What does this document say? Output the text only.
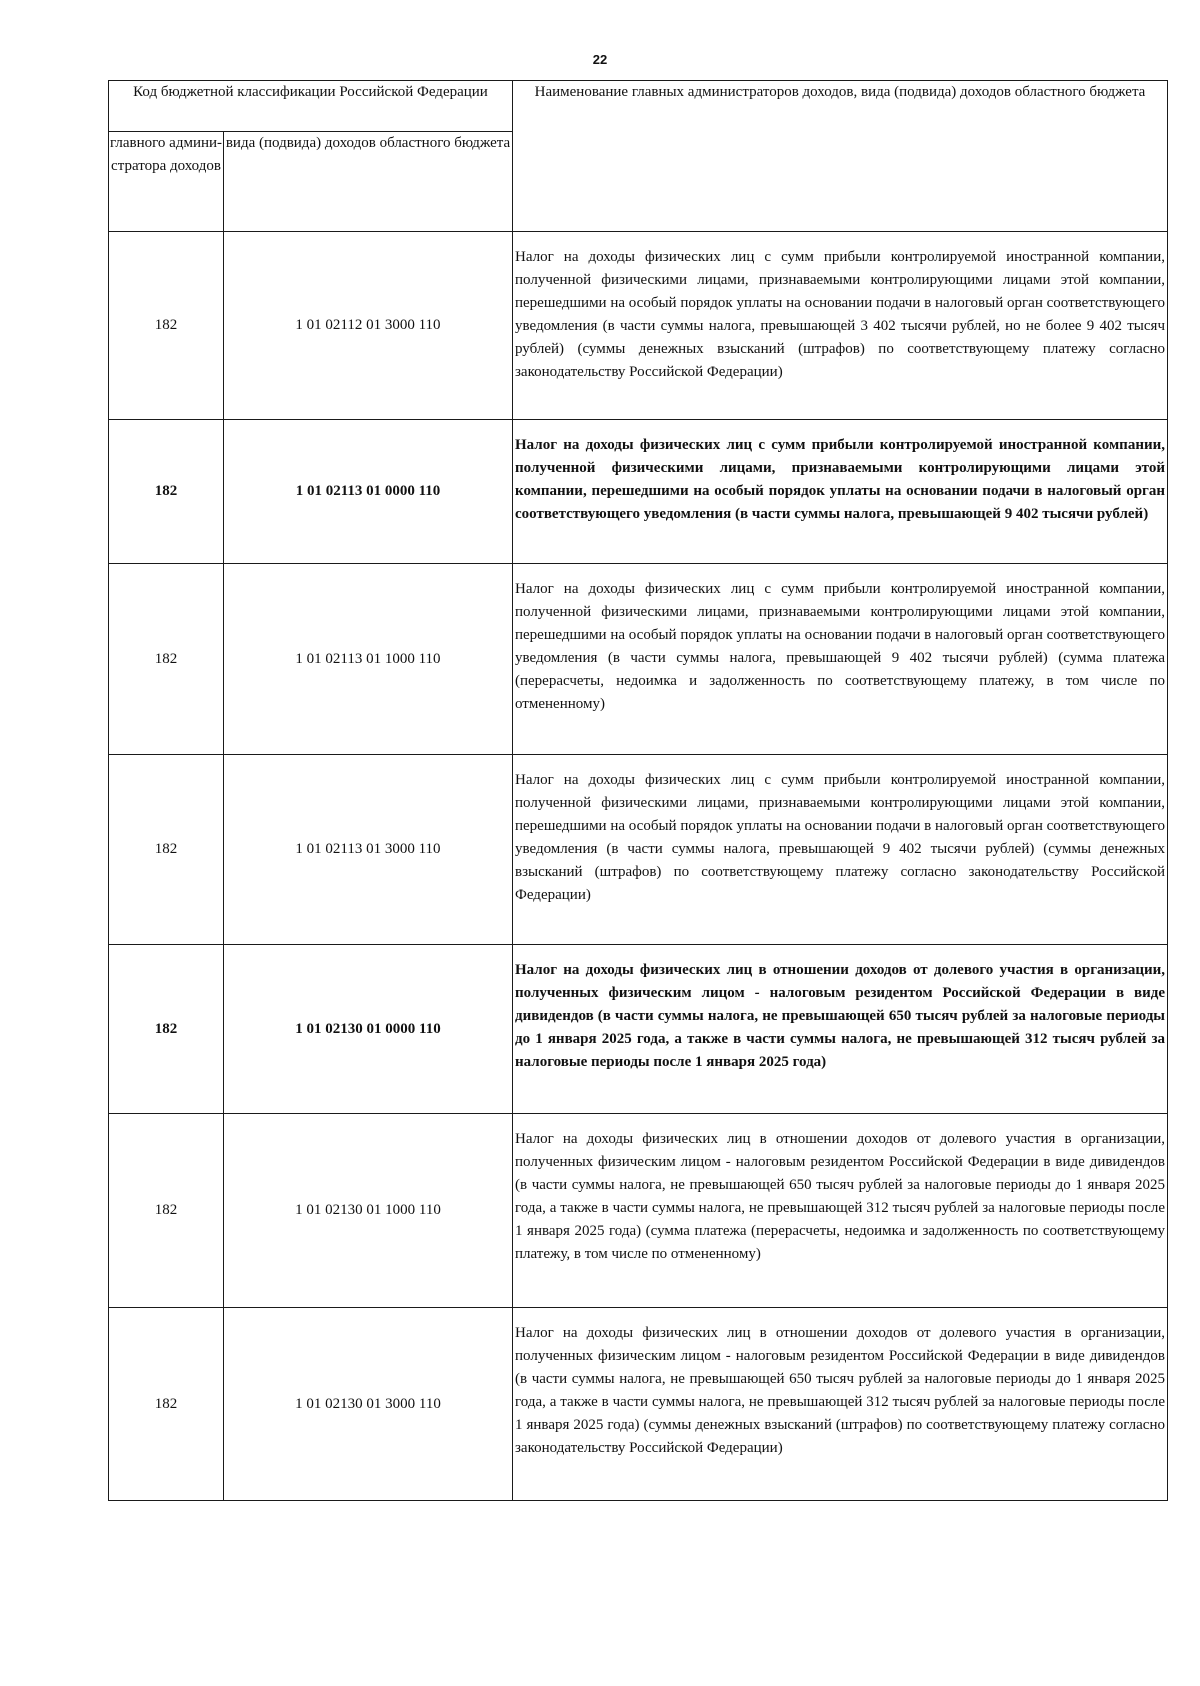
22
Код бюджетной классификации Российской Федерации		Наименование главных администраторов доходов, вида (подвида) доходов областного бюджета
главного админи-стратора доходов	вида (подвида) доходов областного бюджета	
182	1 01 02112 01 3000 110	Налог на доходы физических лиц с сумм прибыли контролируемой иностранной компании, полученной физическими лицами, признаваемыми контролирующими лицами этой компании, перешедшими на особый порядок уплаты на основании подачи в налоговый орган соответствующего уведомления (в части суммы налога, превышающей 3 402 тысячи рублей, но не более 9 402 тысяч рублей) (суммы денежных взысканий (штрафов) по соответствующему платежу согласно законодательству Российской Федерации)
182	1 01 02113 01 0000 110	Налог на доходы физических лиц с сумм прибыли контролируемой иностранной компании, полученной физическими лицами, признаваемыми контролирующими лицами этой компании, перешедшими на особый порядок уплаты на основании подачи в налоговый орган соответствующего уведомления (в части суммы налога, превышающей 9 402 тысячи рублей)
182	1 01 02113 01 1000 110	Налог на доходы физических лиц с сумм прибыли контролируемой иностранной компании, полученной физическими лицами, признаваемыми контролирующими лицами этой компании, перешедшими на особый порядок уплаты на основании подачи в налоговый орган соответствующего уведомления (в части суммы налога, превышающей 9 402 тысячи рублей) (сумма платежа (перерасчеты, недоимка и задолженность по соответствующему платежу, в том числе по отмененному)
182	1 01 02113 01 3000 110	Налог на доходы физических лиц с сумм прибыли контролируемой иностранной компании, полученной физическими лицами, признаваемыми контролирующими лицами этой компании, перешедшими на особый порядок уплаты на основании подачи в налоговый орган соответствующего уведомления (в части суммы налога, превышающей 9 402 тысячи рублей) (суммы денежных взысканий (штрафов) по соответствующему платежу согласно законодательству Российской Федерации)
182	1 01 02130 01 0000 110	Налог на доходы физических лиц в отношении доходов от долевого участия в организации, полученных физическим лицом - налоговым резидентом Российской Федерации в виде дивидендов (в части суммы налога, не превышающей 650 тысяч рублей за налоговые периоды до 1 января 2025 года, а также в части суммы налога, не превышающей 312 тысяч рублей за налоговые периоды после 1 января 2025 года)
182	1 01 02130 01 1000 110	Налог на доходы физических лиц в отношении доходов от долевого участия в организации, полученных физическим лицом - налоговым резидентом Российской Федерации в виде дивидендов (в части суммы налога, не превышающей 650 тысяч рублей за налоговые периоды до 1 января 2025 года, а также в части суммы налога, не превышающей 312 тысяч рублей за налоговые периоды после 1 января 2025 года) (сумма платежа (перерасчеты, недоимка и задолженность по соответствующему платежу, в том числе по отмененному)
182	1 01 02130 01 3000 110	Налог на доходы физических лиц в отношении доходов от долевого участия в организации, полученных физическим лицом - налоговым резидентом Российской Федерации в виде дивидендов (в части суммы налога, не превышающей 650 тысяч рублей за налоговые периоды до 1 января 2025 года, а также в части суммы налога, не превышающей 312 тысяч рублей за налоговые периоды после 1 января 2025 года) (суммы денежных взысканий (штрафов) по соответствующему платежу согласно законодательству Российской Федерации)
